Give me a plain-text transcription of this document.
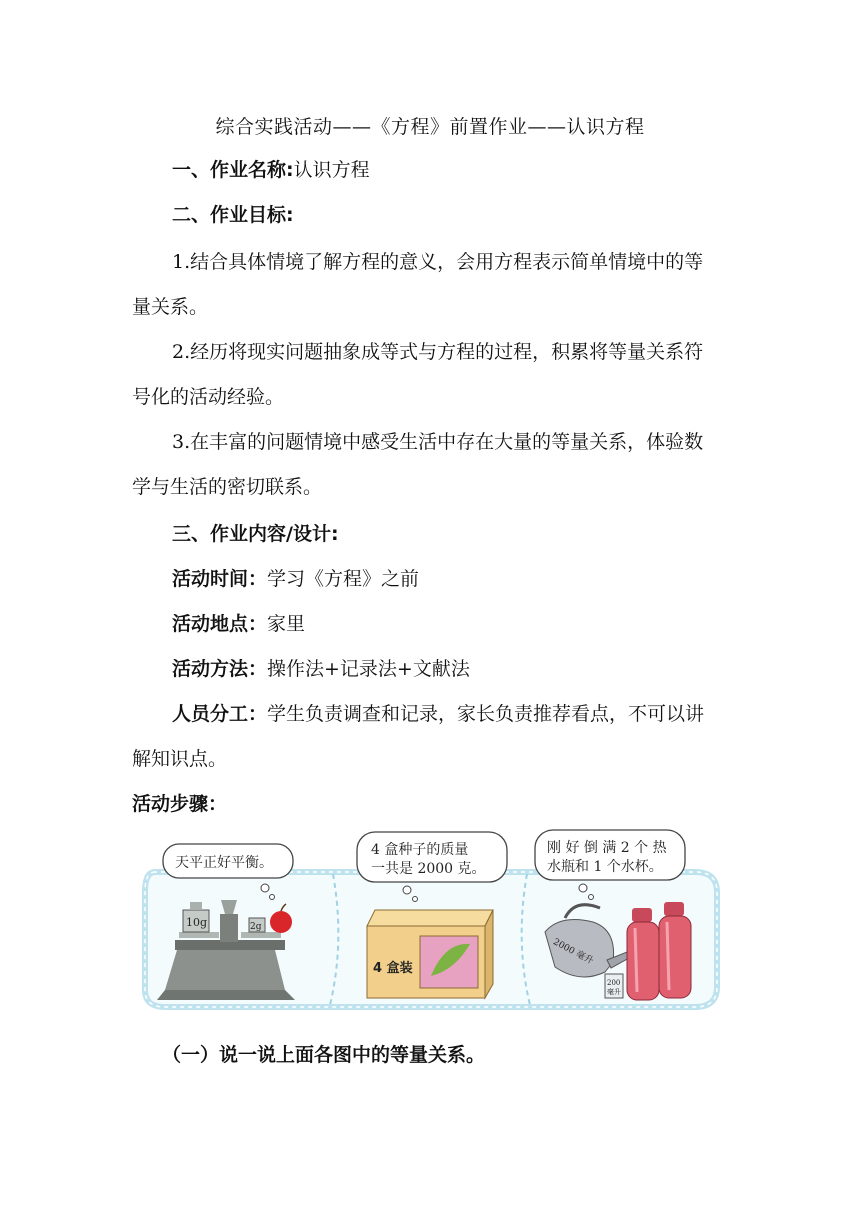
综合实践活动——《方程》前置作业——认识方程
一、作业名称:认识方程
二、作业目标:
1.结合具体情境了解方程的意义，会用方程表示简单情境中的等

量关系。
2.经历将现实问题抽象成等式与方程的过程，积累将等量关系符
号化的活动经验。
3.在丰富的问题情境中感受生活中存在大量的等量关系，体验数
学与生活的密切联系。
三、作业内容/设计:
活动时间：学习《方程》之前
活动地点：家里
活动方法：操作法+记录法+文献法
人员分工：学生负责调查和记录，家长负责推荐看点，不可以讲
解知识点。
活动步骤：
天平正好平衡。
10g	2g
4 盒种子的质量
一共是 2000 克。
4 盒装
刚 好 倒 满 2 个 热
水瓶和 1 个水杯。
2000 毫升
200
毫升
（一）说一说上面各图中的等量关系。
